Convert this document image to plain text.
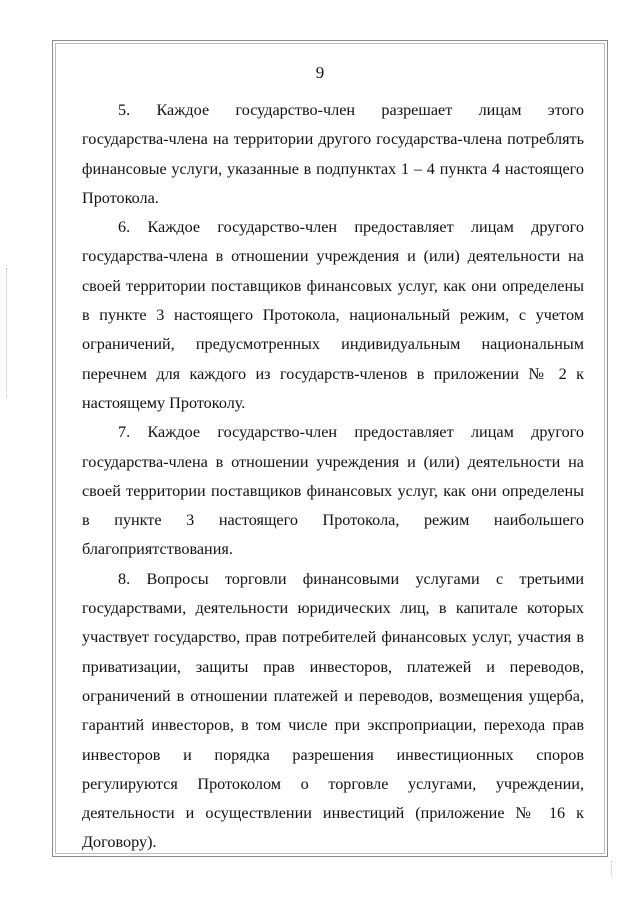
9

5. Каждое государство-член разрешает лицам этого
государства-члена на территории другого государства-члена потреблять
финансовые услуги, указанные в подпунктах 1 – 4 пункта 4 настоящего
Протокола.

6. Каждое государство-член предоставляет лицам другого
государства-члена в отношении учреждения и (или) деятельности на
своей территории поставщиков финансовых услуг, как они определены
в пункте 3 настоящего Протокола, национальный режим, с учетом
ограничений, предусмотренных индивидуальным национальным
перечнем для каждого из государств-членов в приложении № 2 к
настоящему Протоколу.

7. Каждое государство-член предоставляет лицам другого
государства-члена в отношении учреждения и (или) деятельности на
своей территории поставщиков финансовых услуг, как они определены
в пункте 3 настоящего Протокола, режим наибольшего
благоприятствования.

8. Вопросы торговли финансовыми услугами с третьими
государствами, деятельности юридических лиц, в капитале которых
участвует государство, прав потребителей финансовых услуг, участия в
приватизации, защиты прав инвесторов, платежей и переводов,
ограничений в отношении платежей и переводов, возмещения ущерба,
гарантий инвесторов, в том числе при экспроприации, перехода прав
инвесторов и порядка разрешения инвестиционных споров
регулируются Протоколом о торговле услугами, учреждении,
деятельности и осуществлении инвестиций (приложение № 16 к
Договору).
